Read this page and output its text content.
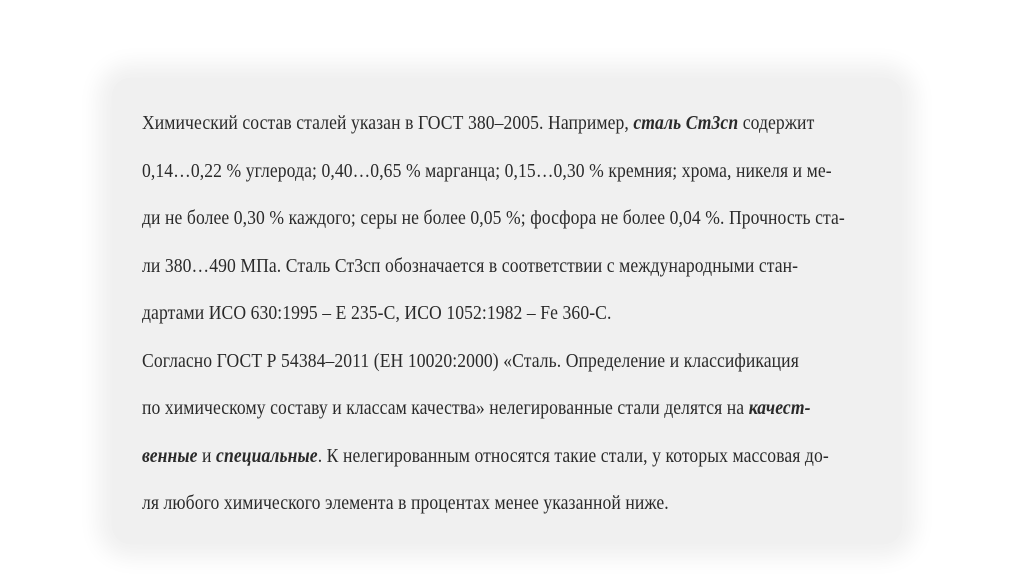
Химический состав сталей указан в ГОСТ 380–2005. Например, сталь Ст3сп содержит
0,14…0,22 % углерода; 0,40…0,65 % марганца; 0,15…0,30 % кремния; хрома, никеля и ме-
ди не более 0,30 % каждого; серы не более 0,05 %; фосфора не более 0,04 %. Прочность ста-
ли 380…490 МПа. Сталь Ст3сп обозначается в соответствии с международными стан-
дартами ИСО 630:1995 – Е 235-С, ИСО 1052:1982 – Fe 360-С.
Согласно ГОСТ Р 54384–2011 (ЕН 10020:2000) «Сталь. Определение и классификация
по химическому составу и классам качества» нелегированные стали делятся на качест-
венные и специальные. К нелегированным относятся такие стали, у которых массовая до-
ля любого химического элемента в процентах менее указанной ниже.
